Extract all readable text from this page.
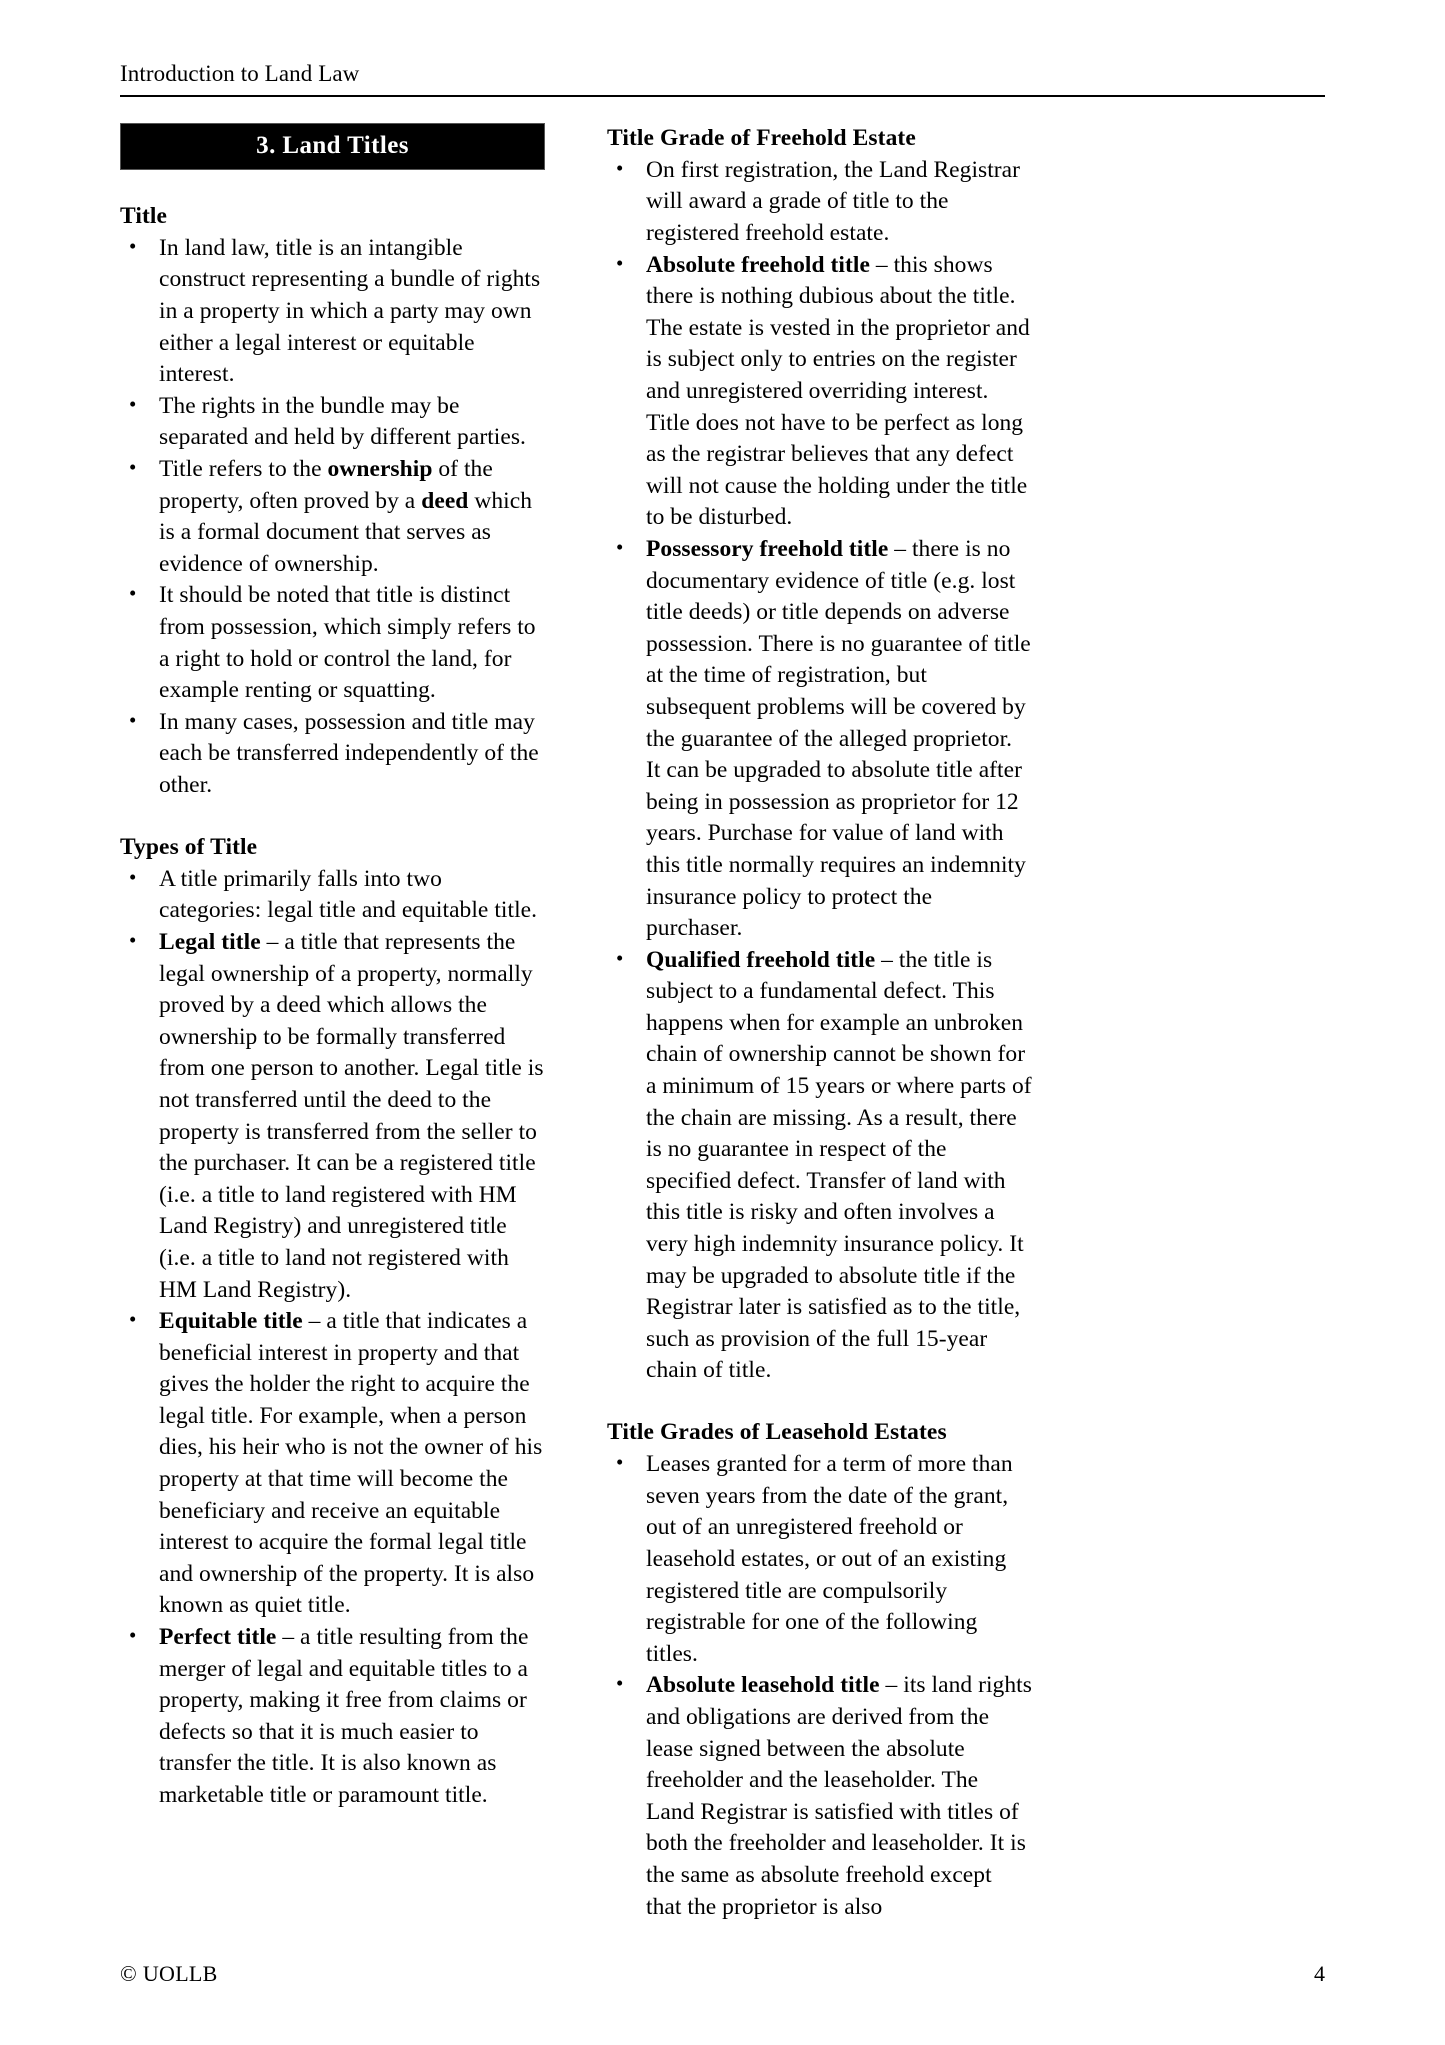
Introduction to Land Law
3. Land Titles
Title
• In land law, title is an intangible construct representing a bundle of rights in a property in which a party may own either a legal interest or equitable interest.
• The rights in the bundle may be separated and held by different parties.
• Title refers to the ownership of the property, often proved by a deed which is a formal document that serves as evidence of ownership.
• It should be noted that title is distinct from possession, which simply refers to a right to hold or control the land, for example renting or squatting.
• In many cases, possession and title may each be transferred independently of the other.
Types of Title
• A title primarily falls into two categories: legal title and equitable title.
• Legal title – a title that represents the legal ownership of a property, normally proved by a deed which allows the ownership to be formally transferred from one person to another. Legal title is not transferred until the deed to the property is transferred from the seller to the purchaser. It can be a registered title (i.e. a title to land registered with HM Land Registry) and unregistered title (i.e. a title to land not registered with HM Land Registry).
• Equitable title – a title that indicates a beneficial interest in property and that gives the holder the right to acquire the legal title. For example, when a person dies, his heir who is not the owner of his property at that time will become the beneficiary and receive an equitable interest to acquire the formal legal title and ownership of the property. It is also known as quiet title.
• Perfect title – a title resulting from the merger of legal and equitable titles to a property, making it free from claims or defects so that it is much easier to transfer the title. It is also known as marketable title or paramount title.
Title Grade of Freehold Estate
• On first registration, the Land Registrar will award a grade of title to the registered freehold estate.
• Absolute freehold title – this shows there is nothing dubious about the title. The estate is vested in the proprietor and is subject only to entries on the register and unregistered overriding interest. Title does not have to be perfect as long as the registrar believes that any defect will not cause the holding under the title to be disturbed.
• Possessory freehold title – there is no documentary evidence of title (e.g. lost title deeds) or title depends on adverse possession. There is no guarantee of title at the time of registration, but subsequent problems will be covered by the guarantee of the alleged proprietor. It can be upgraded to absolute title after being in possession as proprietor for 12 years. Purchase for value of land with this title normally requires an indemnity insurance policy to protect the purchaser.
• Qualified freehold title – the title is subject to a fundamental defect. This happens when for example an unbroken chain of ownership cannot be shown for a minimum of 15 years or where parts of the chain are missing. As a result, there is no guarantee in respect of the specified defect. Transfer of land with this title is risky and often involves a very high indemnity insurance policy. It may be upgraded to absolute title if the Registrar later is satisfied as to the title, such as provision of the full 15-year chain of title.
Title Grades of Leasehold Estates
• Leases granted for a term of more than seven years from the date of the grant, out of an unregistered freehold or leasehold estates, or out of an existing registered title are compulsorily registrable for one of the following titles.
• Absolute leasehold title – its land rights and obligations are derived from the lease signed between the absolute freeholder and the leaseholder. The Land Registrar is satisfied with titles of both the freeholder and leaseholder. It is the same as absolute freehold except that the proprietor is also
© UOLLB	4
